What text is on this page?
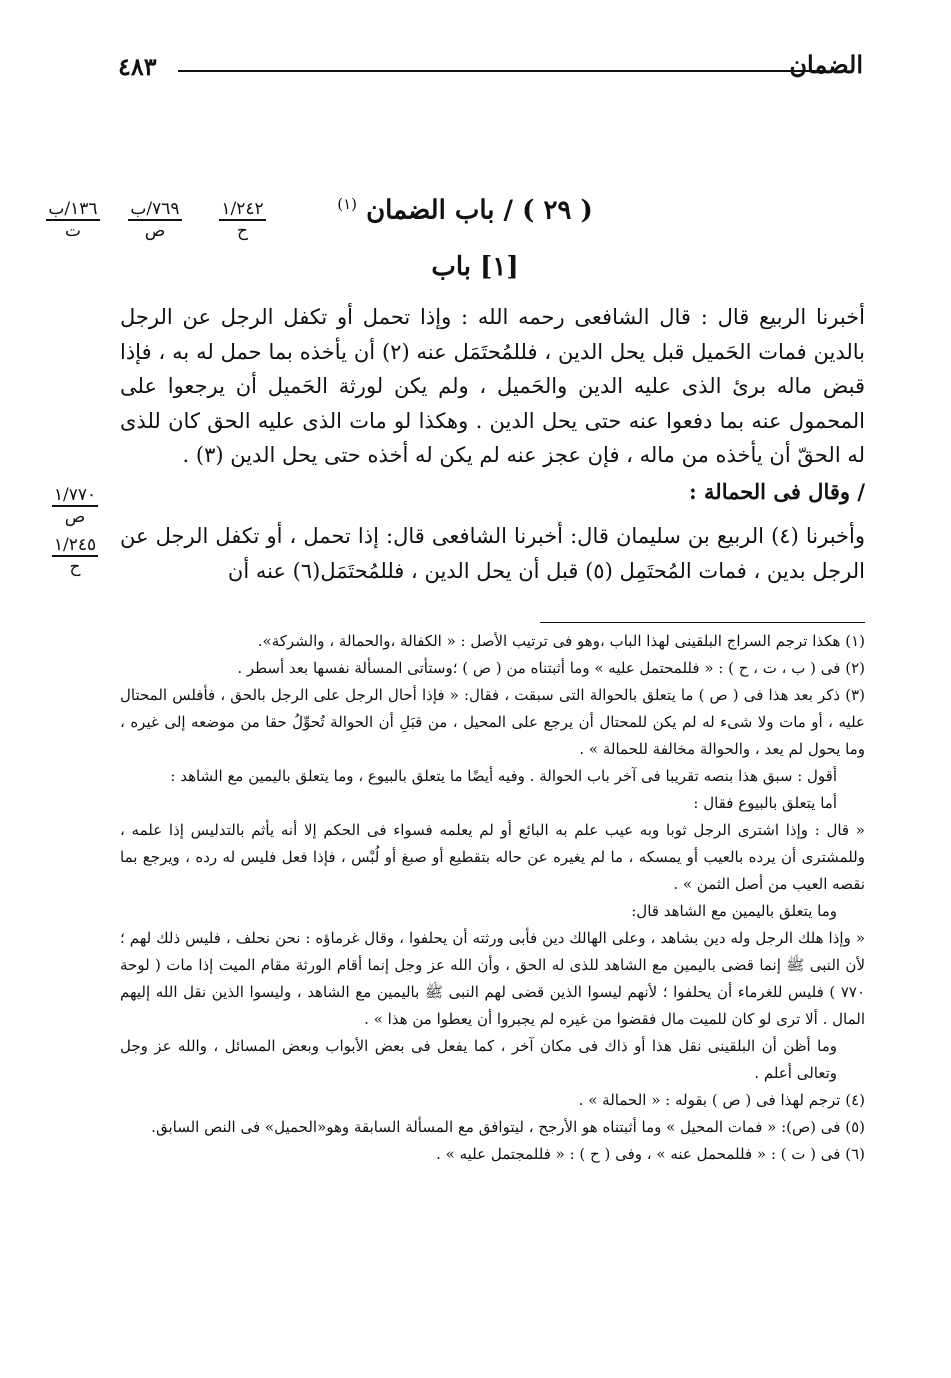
الضمان
٤٨٣
١/٢٤٢
ح
٧٦٩/ب
ص
١٣٦/ب
ت
١/٧٧٠
ص
١/٢٤٥
ح
( ٢٩ ) / باب الضمان $^{(١)}$
[١] باب

أخبرنا الربيع قال : قال الشافعى رحمه الله : وإذا تحمل أو تكفل الرجل عن الرجل بالدين فمات الحَميل قبل يحل الدين ، فللمُحتَمَل عنه (٢) أن يأخذه بما حمل له به ، فإذا قبض ماله برئ الذى عليه الدين والحَميل ، ولم يكن لورثة الحَميل أن يرجعوا على المحمول عنه بما دفعوا عنه حتى يحل الدين . وهكذا لو مات الذى عليه الحق كان للذى له الحقّ أن يأخذه من ماله ، فإن عجز عنه لم يكن له أخذه حتى يحل الدين (٣) .

/ وقال فى الحمالة :

وأخبرنا (٤) الربيع بن سليمان قال: أخبرنا الشافعى قال: إذا تحمل ، أو تكفل الرجل عن الرجل بدين ، فمات المُحتَمِل (٥) قبل أن يحل الدين ، فللمُحتَمَل(٦) عنه أن

(١) هكذا ترجم السراج البلقينى لهذا الباب ،وهو فى ترتيب الأصل : « الكفالة ،والحمالة ، والشركة».

(٢) فى ( ب ، ت ، ح ) : « فللمحتمل عليه » وما أثبتناه من ( ص ) ؛وستأتى المسألة نفسها بعد أسطر .

(٣) ذكر بعد هذا فى ( ص ) ما يتعلق بالحوالة التى سبقت ، فقال: « فإذا أحال الرجل على الرجل بالحق ، فأفلس المحتال عليه ، أو مات ولا شىء له لم يكن للمحتال أن يرجع على المحيل ، من قبَلِ أن الحوالة تُحوِّلُ حقا من موضعه إلى غيره ، وما يحول لم يعد ، والحوالة مخالفة للحمالة » .

أقول : سبق هذا بنصه تقريبا فى آخر باب الحوالة . وفيه أيضًا ما يتعلق بالبيوع ، وما يتعلق باليمين مع الشاهد :

أما يتعلق بالبيوع فقال :

« قال : وإذا اشترى الرجل ثوبا وبه عيب علم به البائع أو لم يعلمه فسواء فى الحكم إلا أنه يأثم بالتدليس إذا علمه ، وللمشترى أن يرده بالعيب أو يمسكه ، ما لم يغيره عن حاله بتقطيع أو صبغ أو لُبْس ، فإذا فعل فليس له رده ، ويرجع بما نقصه العيب من أصل الثمن » .

وما يتعلق باليمين مع الشاهد قال:

« وإذا هلك الرجل وله دين بشاهد ، وعلى الهالك دين فأبى ورثته أن يحلفوا ، وقال غرماؤه : نحن نحلف ، فليس ذلك لهم ؛ لأن النبى ﷺ إنما قضى باليمين مع الشاهد للذى له الحق ، وأن الله عز وجل إنما أقام الورثة مقام الميت إذا مات ( لوحة ٧٧٠ ) فليس للغرماء أن يحلفوا ؛ لأنهم ليسوا الذين قضى لهم النبى ﷺ باليمين مع الشاهد ، وليسوا الذين نقل الله إليهم المال . ألا ترى لو كان للميت مال فقضوا من غيره لم يجبروا أن يعطوا من هذا » .

وما أظن أن البلقينى نقل هذا أو ذاك فى مكان آخر ، كما يفعل فى بعض الأبواب وبعض المسائل ، والله عز وجل وتعالى أعلم .

(٤) ترجم لهذا فى ( ص ) بقوله : « الحمالة » .

(٥) فى (ص): « فمات المحيل » وما أثبتناه هو الأرجح ، ليتوافق مع المسألة السابقة وهو«الحميل» فى النص السابق.

(٦) فى ( ت ) : « فللمحمل عنه » ، وفى ( ح ) : « فللمجتمل عليه » .
